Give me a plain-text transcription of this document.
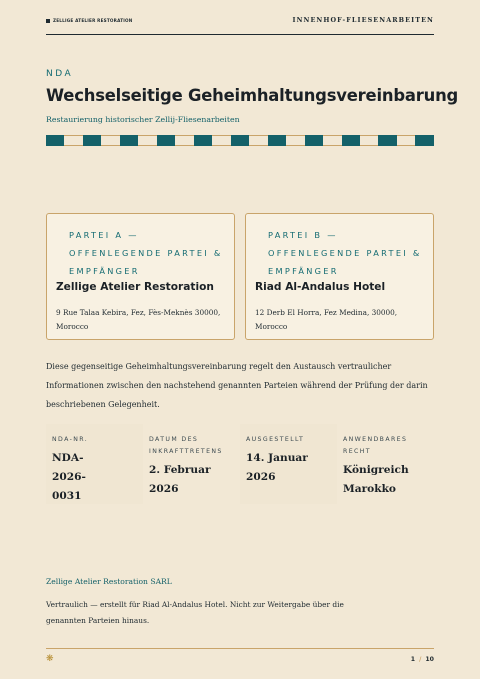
ZELLIGE ATELIER RESTORATION	INNENHOF-FLIESENARBEITEN
NDA
Wechselseitige Geheimhaltungsvereinbarung
Restaurierung historischer Zellij-Fliesenarbeiten
PARTEI A — OFFENLEGENDE PARTEI & EMPFÄNGER
Zellige Atelier Restoration
9 Rue Talaa Kebira, Fez, Fès-Meknès 30000, Morocco
PARTEI B — OFFENLEGENDE PARTEI & EMPFÄNGER
Riad Al-Andalus Hotel
12 Derb El Horra, Fez Medina, 30000, Morocco
Diese gegenseitige Geheimhaltungsvereinbarung regelt den Austausch vertraulicher Informationen zwischen den nachstehend genannten Parteien während der Prüfung der darin beschriebenen Gelegenheit.
NDA-NR.
NDA-2026-0031
DATUM DES INKRAFTTRETENS
2. Februar 2026
AUSGESTELLT
14. Januar 2026
ANWENDBARES RECHT
Königreich Marokko
Zellige Atelier Restoration SARL
Vertraulich — erstellt für Riad Al-Andalus Hotel. Nicht zur Weitergabe über die genannten Parteien hinaus.
❋	1 / 10
